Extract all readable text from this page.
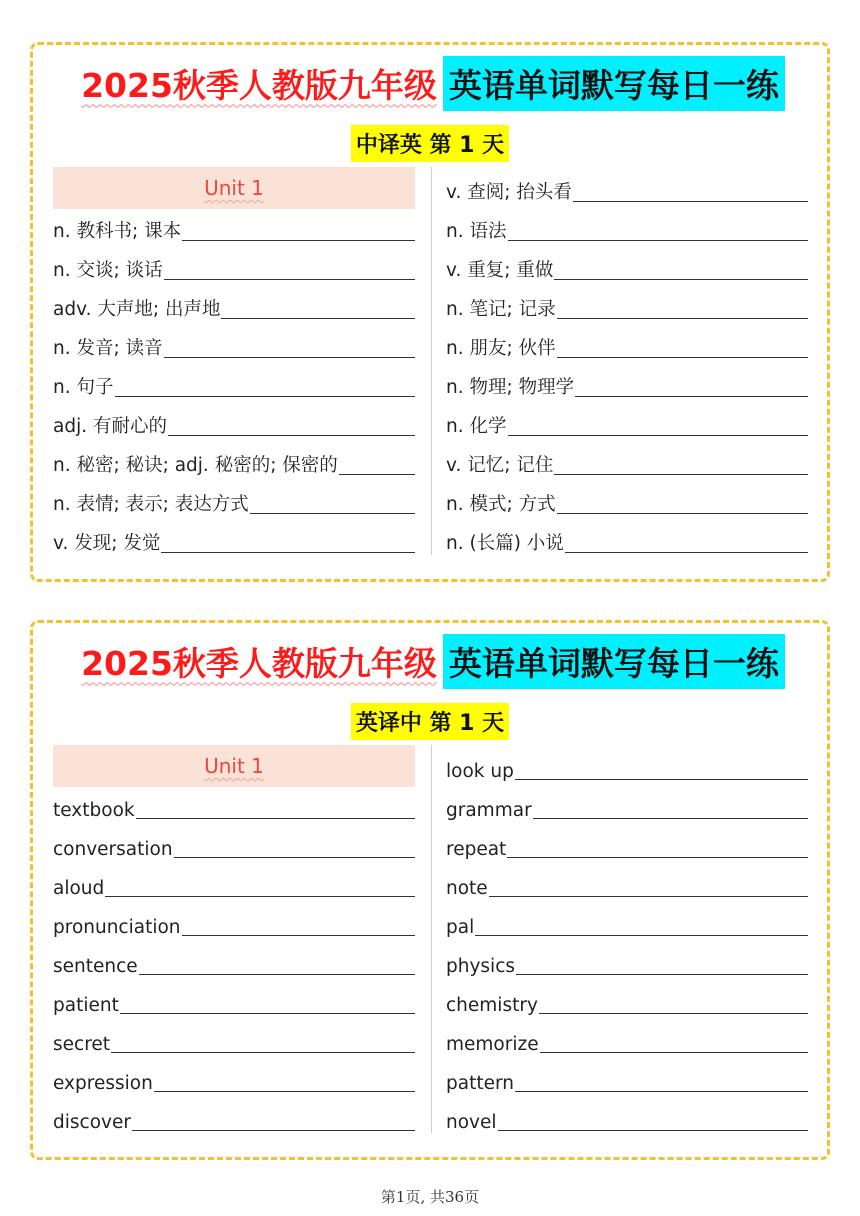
2025秋季人教版九年级 英语单词默写每日一练
中译英 第 1 天
Unit 1
n. 教科书; 课本
n. 交谈; 谈话
adv. 大声地; 出声地
n. 发音; 读音
n. 句子
adj. 有耐心的
n. 秘密; 秘诀; adj. 秘密的; 保密的
n. 表情; 表示; 表达方式
v. 发现; 发觉
v. 查阅; 抬头看
n. 语法
v. 重复; 重做
n. 笔记; 记录
n. 朋友; 伙伴
n. 物理; 物理学
n. 化学
v. 记忆; 记住
n. 模式; 方式
n. (长篇) 小说
2025秋季人教版九年级 英语单词默写每日一练
英译中 第 1 天
Unit 1
textbook
conversation
aloud
pronunciation
sentence
patient
secret
expression
discover
look up
grammar
repeat
note
pal
physics
chemistry
memorize
pattern
novel
第1页, 共36页
